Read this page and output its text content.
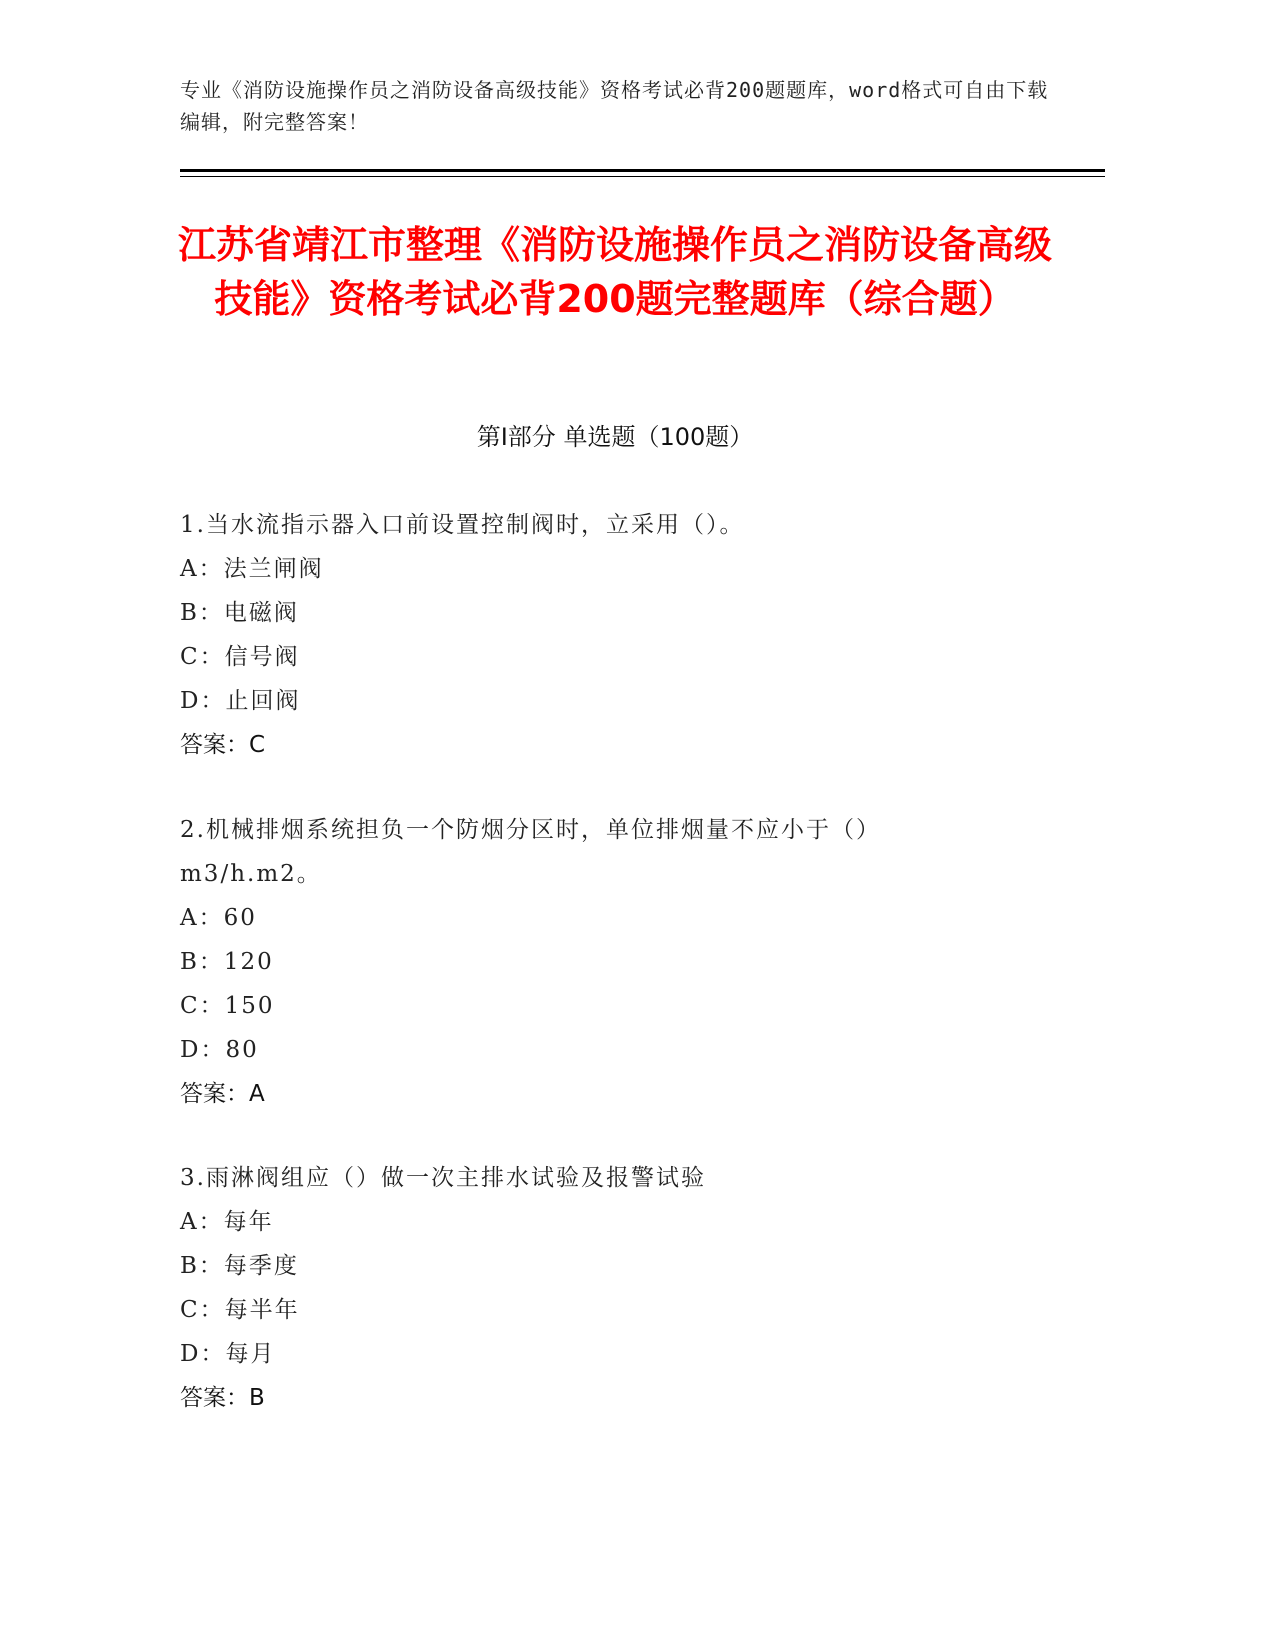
专业《消防设施操作员之消防设备高级技能》资格考试必背200题题库，word格式可自由下载编辑，附完整答案！
江苏省靖江市整理《消防设施操作员之消防设备高级技能》资格考试必背200题完整题库（综合题）
第Ⅰ部分 单选题（100题）
1.当水流指示器入口前设置控制阀时，立采用（）。
A：法兰闸阀
B：电磁阀
C：信号阀
D：止回阀
答案：C
2.机械排烟系统担负一个防烟分区时，单位排烟量不应小于（）m3/h.m2。
A：60
B：120
C：150
D：80
答案：A
3.雨淋阀组应（）做一次主排水试验及报警试验
A：每年
B：每季度
C：每半年
D：每月
答案：B
